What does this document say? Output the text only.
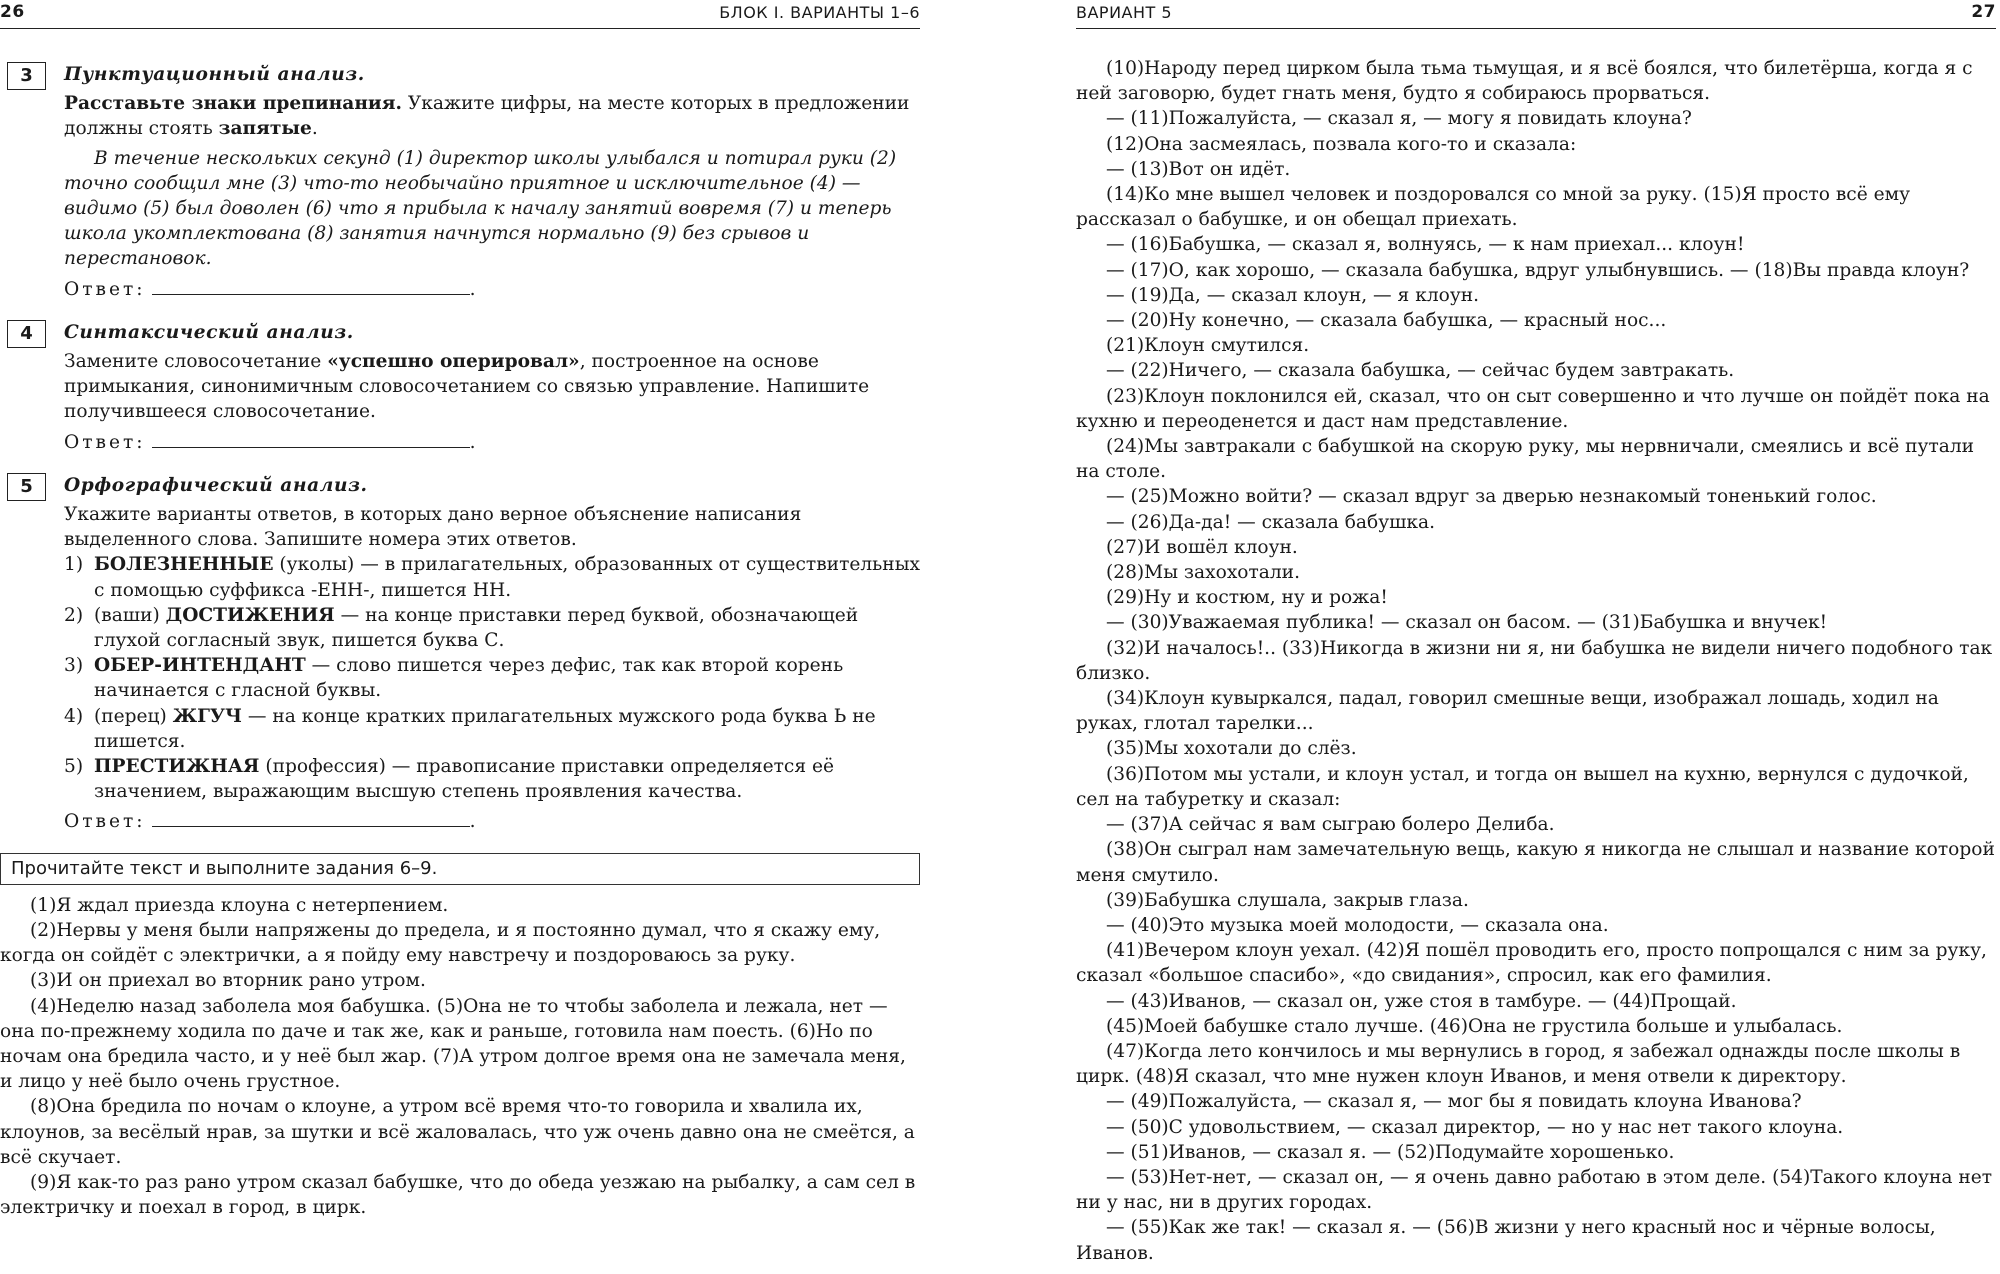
26	БЛОК I. ВАРИАНТЫ 1–6
3	Пунктуационный анализ.

Расставьте знаки препинания. Укажите цифры, на месте которых в предложении должны стоять запятые.

В течение нескольких секунд (1) директор школы улыбался и потирал руки (2) точно сообщил мне (3) что-то необычайно приятное и исключительное (4) — видимо (5) был доволен (6) что я прибыла к началу занятий вовремя (7) и теперь школа укомплектована (8) занятия начнутся нормально (9) без срывов и перестановок.

Ответ:	.

4	Синтаксический анализ.

Замените словосочетание «успешно оперировал», построенное на основе примыкания, синонимичным словосочетанием со связью управление. Напишите получившееся словосочетание.

Ответ:	.

5	Орфографический анализ.

Укажите варианты ответов, в которых дано верное объяснение написания выделенного слова. Запишите номера этих ответов.

1) БОЛЕЗНЕННЫЕ (уколы) — в прилагательных, образованных от существительных с помощью суффикса -ЕНН-, пишется НН.
2) (ваши) ДОСТИЖЕНИЯ — на конце приставки перед буквой, обозначающей глухой согласный звук, пишется буква С.
3) ОБЕР-ИНТЕНДАНТ — слово пишется через дефис, так как второй корень начинается с гласной буквы.
4) (перец) ЖГУЧ — на конце кратких прилагательных мужского рода буква Ь не пишется.
5) ПРЕСТИЖНАЯ (профессия) — правописание приставки определяется её значением, выражающим высшую степень проявления качества.

Ответ:	.

Прочитайте текст и выполните задания 6–9.

(1)Я ждал приезда клоуна с нетерпением.

(2)Нервы у меня были напряжены до предела, и я постоянно думал, что я скажу ему, когда он сойдёт с электрички, а я пойду ему навстречу и поздороваюсь за руку.

(3)И он приехал во вторник рано утром.

(4)Неделю назад заболела моя бабушка. (5)Она не то чтобы заболела и лежала, нет — она по-прежнему ходила по даче и так же, как и раньше, готовила нам поесть. (6)Но по ночам она бредила часто, и у неё был жар. (7)А утром долгое время она не замечала меня, и лицо у неё было очень грустное.

(8)Она бредила по ночам о клоуне, а утром всё время что-то говорила и хвалила их, клоунов, за весёлый нрав, за шутки и всё жаловалась, что уж очень давно она не смеётся, а всё скучает.

(9)Я как-то раз рано утром сказал бабушке, что до обеда уезжаю на рыбалку, а сам сел в электричку и поехал в город, в цирк.

ВАРИАНТ 5	27

(10)Народу перед цирком была тьма тьмущая, и я всё боялся, что билетёрша, когда я с ней заговорю, будет гнать меня, будто я собираюсь прорваться.

— (11)Пожалуйста, — сказал я, — могу я повидать клоуна?

(12)Она засмеялась, позвала кого-то и сказала:

— (13)Вот он идёт.

(14)Ко мне вышел человек и поздоровался со мной за руку. (15)Я просто всё ему рассказал о бабушке, и он обещал приехать.

— (16)Бабушка, — сказал я, волнуясь, — к нам приехал... клоун!

— (17)О, как хорошо, — сказала бабушка, вдруг улыбнувшись. — (18)Вы правда клоун?

— (19)Да, — сказал клоун, — я клоун.

— (20)Ну конечно, — сказала бабушка, — красный нос...

(21)Клоун смутился.

— (22)Ничего, — сказала бабушка, — сейчас будем завтракать.

(23)Клоун поклонился ей, сказал, что он сыт совершенно и что лучше он пойдёт пока на кухню и переоденется и даст нам представление.

(24)Мы завтракали с бабушкой на скорую руку, мы нервничали, смеялись и всё путали на столе.

— (25)Можно войти? — сказал вдруг за дверью незнакомый тоненький голос.

— (26)Да-да! — сказала бабушка.

(27)И вошёл клоун.

(28)Мы захохотали.

(29)Ну и костюм, ну и рожа!

— (30)Уважаемая публика! — сказал он басом. — (31)Бабушка и внучек!

(32)И началось!.. (33)Никогда в жизни ни я, ни бабушка не видели ничего подобного так близко.

(34)Клоун кувыркался, падал, говорил смешные вещи, изображал лошадь, ходил на руках, глотал тарелки...

(35)Мы хохотали до слёз.

(36)Потом мы устали, и клоун устал, и тогда он вышел на кухню, вернулся с дудочкой, сел на табуретку и сказал:

— (37)А сейчас я вам сыграю болеро Делиба.

(38)Он сыграл нам замечательную вещь, какую я никогда не слышал и название которой меня смутило.

(39)Бабушка слушала, закрыв глаза.

— (40)Это музыка моей молодости, — сказала она.

(41)Вечером клоун уехал. (42)Я пошёл проводить его, просто попрощался с ним за руку, сказал «большое спасибо», «до свидания», спросил, как его фамилия.

— (43)Иванов, — сказал он, уже стоя в тамбуре. — (44)Прощай.

(45)Моей бабушке стало лучше. (46)Она не грустила больше и улыбалась.

(47)Когда лето кончилось и мы вернулись в город, я забежал однажды после школы в цирк. (48)Я сказал, что мне нужен клоун Иванов, и меня отвели к директору.

— (49)Пожалуйста, — сказал я, — мог бы я повидать клоуна Иванова?

— (50)С удовольствием, — сказал директор, — но у нас нет такого клоуна.

— (51)Иванов, — сказал я. — (52)Подумайте хорошенько.

— (53)Нет-нет, — сказал он, — я очень давно работаю в этом деле. (54)Такого клоуна нет ни у нас, ни в других городах.

— (55)Как же так! — сказал я. — (56)В жизни у него красный нос и чёрные волосы, Иванов.
